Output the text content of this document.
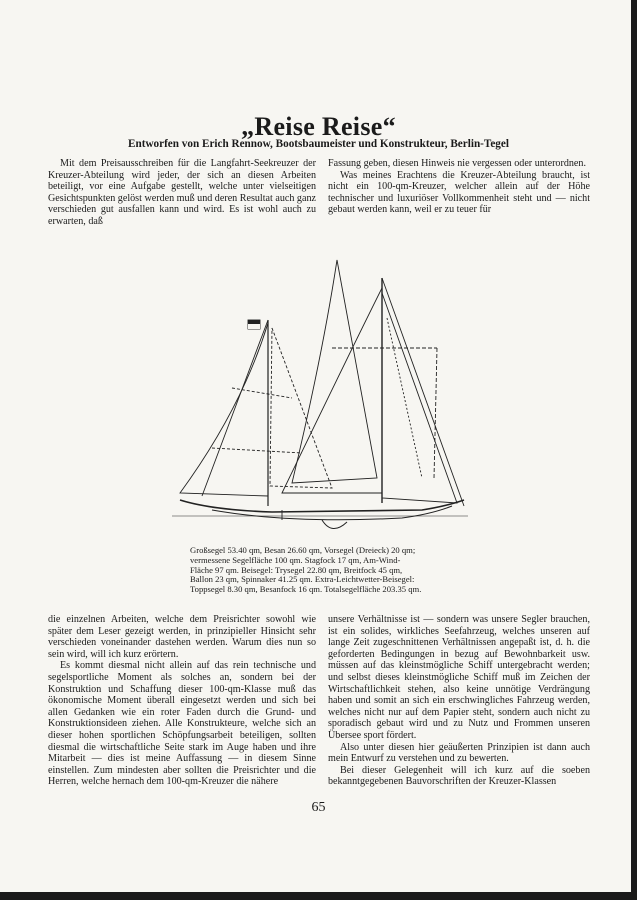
„Reise Reise“
Entworfen von Erich Rennow, Bootsbaumeister und Konstrukteur, Berlin-Tegel

Mit dem Preisausschreiben für die Langfahrt-Seekreuzer der Kreuzer-Abteilung wird jeder, der sich an diesen Arbeiten beteiligt, vor eine Aufgabe gestellt, welche unter vielseitigen Gesichtspunkten gelöst werden muß und deren Resultat auch ganz verschieden gut ausfallen kann und wird. Es ist wohl auch zu erwarten, daß

Fassung geben, diesen Hinweis nie vergessen oder unterordnen.

Was meines Erachtens die Kreuzer-Abteilung braucht, ist nicht ein 100-qm-Kreuzer, welcher allein auf der Höhe technischer und luxuriöser Vollkommenheit steht und — nicht gebaut werden kann, weil er zu teuer für

Großsegel 53.40 qm, Besan 26.60 qm, Vorsegel (Dreieck) 20 qm;
vermessene Segelfläche 100 qm. Stagfock 17 qm, Am-Wind-
Fläche 97 qm. Beisegel: Trysegel 22.80 qm, Breitfock 45 qm,
Ballon 23 qm, Spinnaker 41.25 qm. Extra-Leichtwetter-Beisegel:
Toppsegel 8.30 qm, Besanfock 16 qm. Totalsegelfläche 203.35 qm.

die einzelnen Arbeiten, welche dem Preisrichter sowohl wie später dem Leser gezeigt werden, in prinzipieller Hinsicht sehr verschieden voneinander dastehen werden. Warum dies nun so sein wird, will ich kurz erörtern.

Es kommt diesmal nicht allein auf das rein technische und segelsportliche Moment als solches an, sondern bei der Konstruktion und Schaffung dieser 100-qm-Klasse muß das ökonomische Moment überall eingesetzt werden und sich bei allen Gedanken wie ein roter Faden durch die Grund- und Konstruktionsideen ziehen. Alle Konstrukteure, welche sich an dieser hohen sportlichen Schöpfungsarbeit beteiligen, sollten diesmal die wirtschaftliche Seite stark im Auge haben und ihre Mitarbeit — dies ist meine Auffassung — in diesem Sinne einstellen. Zum mindesten aber sollten die Preisrichter und die Herren, welche hernach dem 100-qm-Kreuzer die nähere

unsere Verhältnisse ist — sondern was unsere Segler brauchen, ist ein solides, wirkliches Seefahrzeug, welches unseren auf lange Zeit zugeschnittenen Verhältnissen angepaßt ist, d. h. die geforderten Bedingungen in bezug auf Bewohnbarkeit usw. müssen auf das kleinstmögliche Schiff untergebracht werden; und selbst dieses kleinstmögliche Schiff muß im Zeichen der Wirtschaftlichkeit stehen, also keine unnötige Verdrängung haben und somit an sich ein erschwingliches Fahrzeug werden, welches nicht nur auf dem Papier steht, sondern auch nicht zu sporadisch gebaut wird und zu Nutz und Frommen unseren Übersee sport fördert.

Also unter diesen hier geäußerten Prinzipien ist dann auch mein Entwurf zu verstehen und zu bewerten.

Bei dieser Gelegenheit will ich kurz auf die soeben bekanntgegebenen Bauvorschriften der Kreuzer-Klassen

65
